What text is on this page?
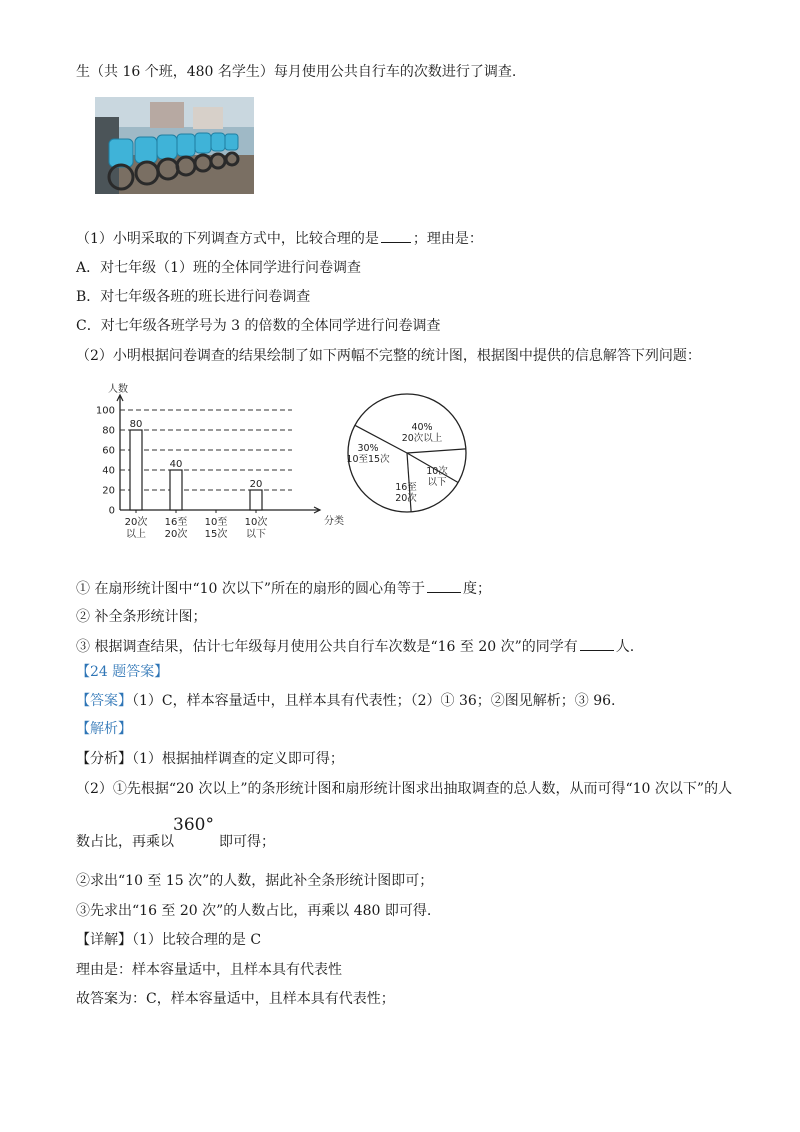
生（共 16 个班，480 名学生）每月使用公共自行车的次数进行了调查.
（1）小明采取的下列调查方式中，比较合理的是 ；理由是：
A．对七年级（1）班的全体同学进行问卷调查
B．对七年级各班的班长进行问卷调查
C．对七年级各班学号为 3 的倍数的全体同学进行问卷调查
（2）小明根据问卷调查的结果绘制了如下两幅不完整的统计图，根据图中提供的信息解答下列问题：
人数
分类
0
20
40
60
80
100
80
40
20
20次
以上
16至
20次
10至
15次
10次
以下
40%
20次以上
10次
以下
16至
20次
30%
10至15次
① 在扇形统计图中“10 次以下”所在的扇形的圆心角等于	度；
② 补全条形统计图；
③ 根据调查结果，估计七年级每月使用公共自行车次数是“16 至 20 次”的同学有	人.
【24 题答案】
【答案】（1）C，样本容量适中，且样本具有代表性；（2）① 36；②图见解析；③ 96.
【解析】
【分析】（1）根据抽样调查的定义即可得；
（2）①先根据“20 次以上”的条形统计图和扇形统计图求出抽取调查的总人数，从而可得“10 次以下”的人
数占比，再乘以
360°
即可得；
②求出“10 至 15 次”的人数，据此补全条形统计图即可；
③先求出“16 至 20 次”的人数占比，再乘以 480 即可得.
【详解】（1）比较合理的是 C
理由是：样本容量适中，且样本具有代表性
故答案为：C，样本容量适中，且样本具有代表性；
